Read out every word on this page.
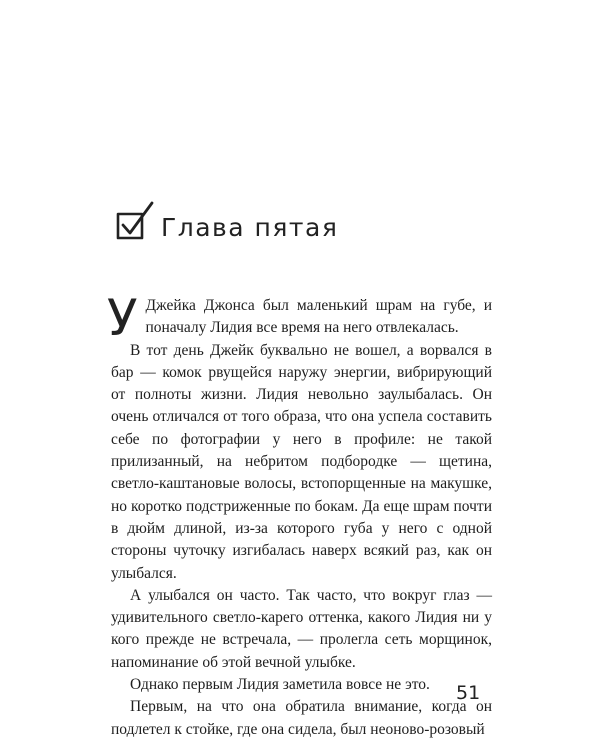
Глава пятая

У Джейка Джонса был маленький шрам на губе, и поначалу Лидия все время на него отвлекалась.

В тот день Джейк буквально не вошел, а ворвался в бар — комок рвущейся наружу энергии, вибрирующий от полноты жизни. Лидия невольно заулыбалась. Он очень отличался от того образа, что она успела составить себе по фотографии у него в профиле: не такой прилизанный, на небритом подбородке — щетина, светло-каштановые волосы, встопорщенные на макушке, но коротко подстриженные по бокам. Да еще шрам почти в дюйм длиной, из-за которого губа у него с одной стороны чуточку изгибалась наверх всякий раз, как он улыбался.

А улыбался он часто. Так часто, что вокруг глаз — удивительного светло-карего оттенка, какого Лидия ни у кого прежде не встречала, — пролегла сеть морщинок, напоминание об этой вечной улыбке.

Однако первым Лидия заметила вовсе не это.

Первым, на что она обратила внимание, когда он подлетел к стойке, где она сидела, был неоново-розовый

51
